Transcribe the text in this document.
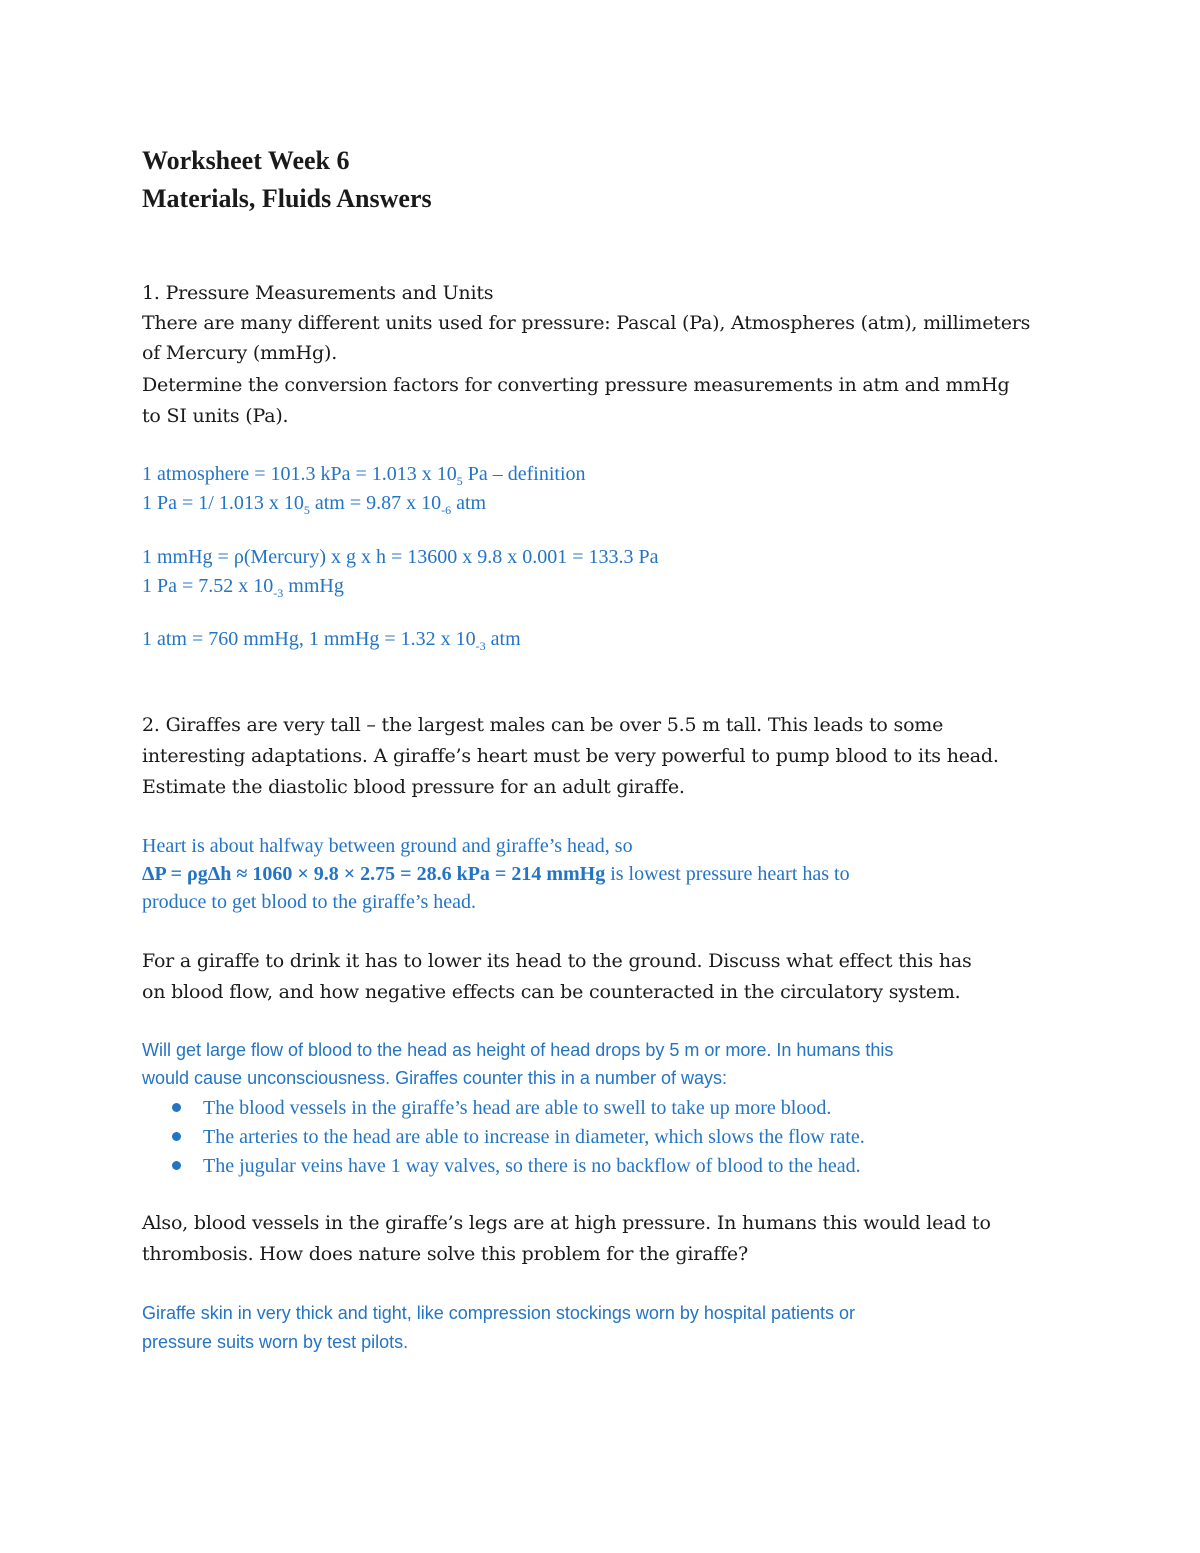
Worksheet Week 6
Materials, Fluids Answers
1. Pressure Measurements and Units
There are many different units used for pressure: Pascal (Pa), Atmospheres (atm), millimeters
of Mercury (mmHg).
Determine the conversion factors for converting pressure measurements in atm and mmHg
to SI units (Pa).
1 atmosphere = 101.3 kPa = 1.013 x $10_5$ Pa – definition
1 Pa = 1/ 1.013 x $10_5$ atm = 9.87 x $10_{-6}$ atm
1 mmHg = ρ(Mercury) x g x h = 13600 x 9.8 x 0.001 = 133.3 Pa
1 Pa = 7.52 x $10_{-3}$ mmHg
1 atm = 760 mmHg, 1 mmHg = 1.32 x $10_{-3}$ atm
2. Giraffes are very tall – the largest males can be over 5.5 m tall. This leads to some
interesting adaptations. A giraffe’s heart must be very powerful to pump blood to its head.
Estimate the diastolic blood pressure for an adult giraffe.
Heart is about halfway between ground and giraffe’s head, so
ΔP = ρgΔh ≈ 1060 × 9.8 × 2.75 = 28.6 kPa = 214 mmHg is lowest pressure heart has to
produce to get blood to the giraffe’s head.
For a giraffe to drink it has to lower its head to the ground. Discuss what effect this has
on blood flow, and how negative effects can be counteracted in the circulatory system.
Will get large flow of blood to the head as height of head drops by 5 m or more. In humans this
would cause unconsciousness. Giraffes counter this in a number of ways:
The blood vessels in the giraffe’s head are able to swell to take up more blood.
The arteries to the head are able to increase in diameter, which slows the flow rate.
The jugular veins have 1 way valves, so there is no backflow of blood to the head.
Also, blood vessels in the giraffe’s legs are at high pressure. In humans this would lead to
thrombosis. How does nature solve this problem for the giraffe?
Giraffe skin in very thick and tight, like compression stockings worn by hospital patients or
pressure suits worn by test pilots.
